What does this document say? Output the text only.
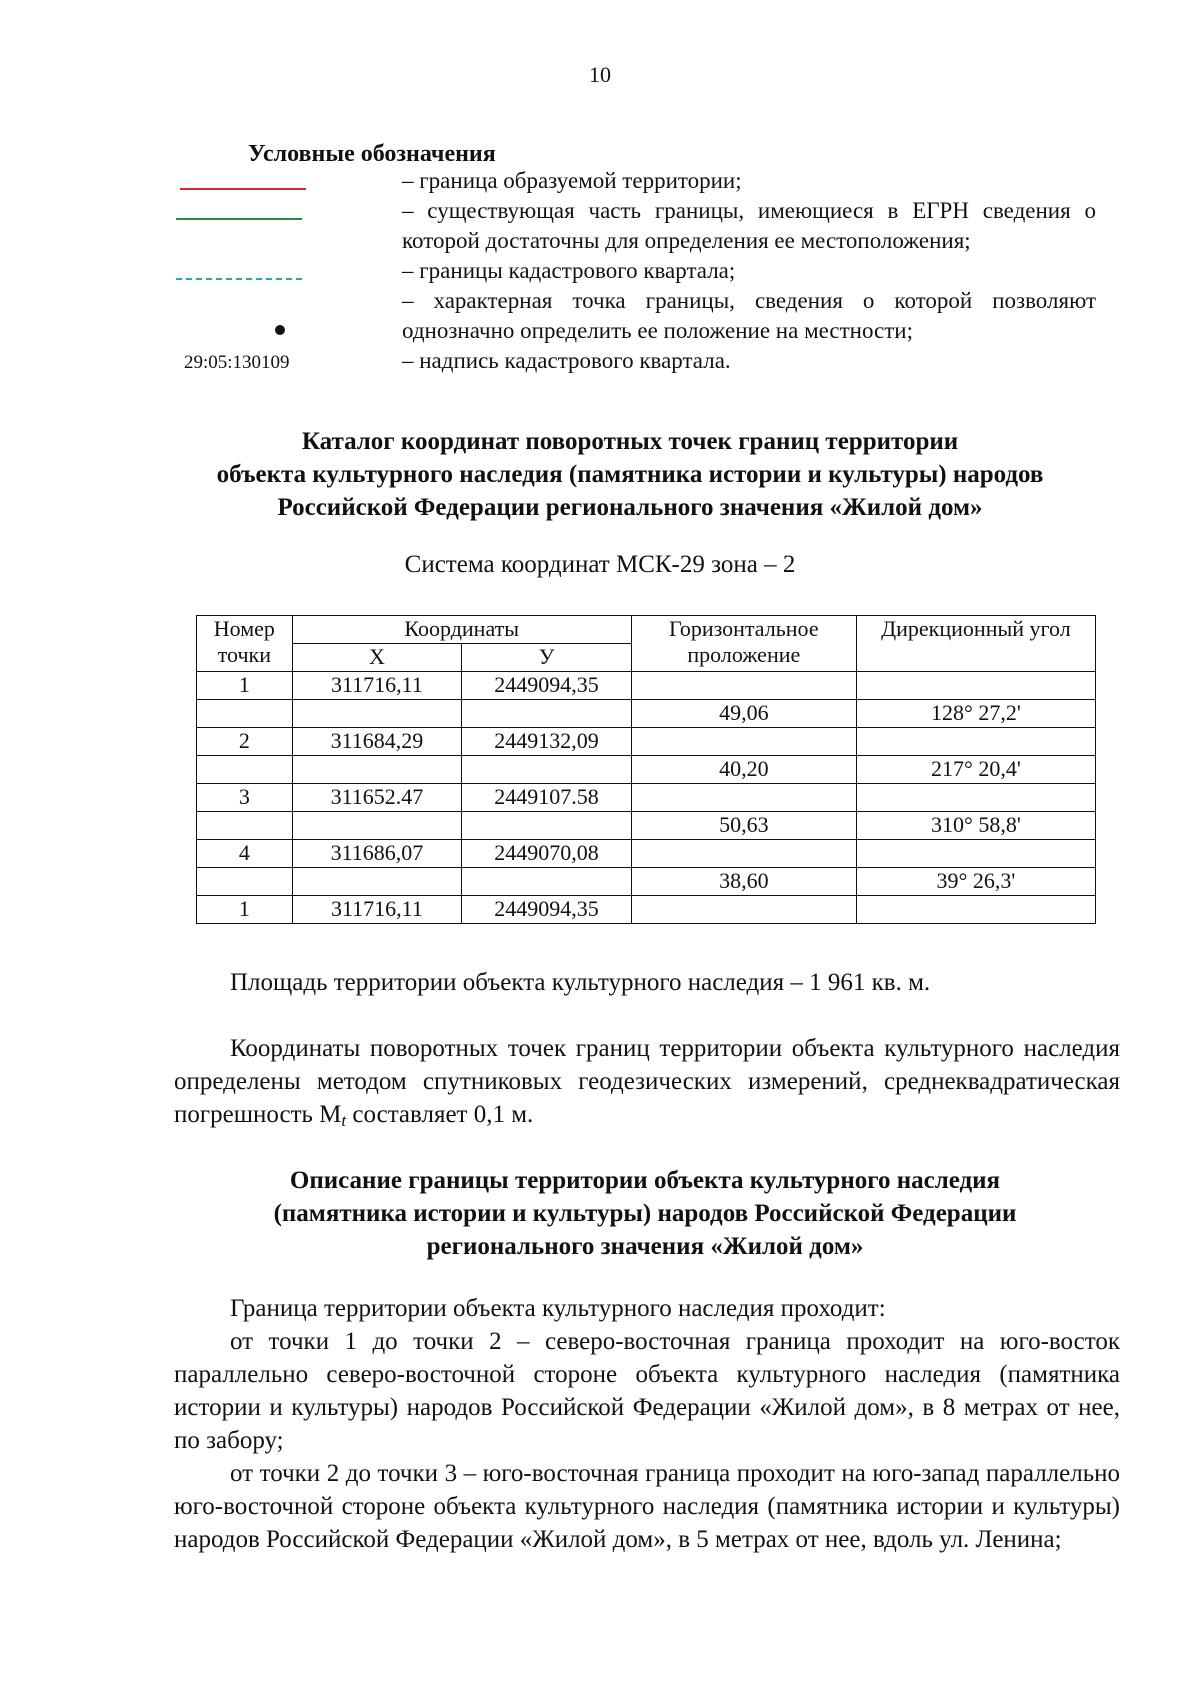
10
Условные обозначения
– граница образуемой территории;
– существующая часть границы, имеющиеся в ЕГРН сведения о которой достаточны для определения ее местоположения;
– границы кадастрового квартала;
– характерная точка границы, сведения о которой позволяют однозначно определить ее положение на местности;
29:05:130109	– надпись кадастрового квартала.
Каталог координат поворотных точек границ территории
объекта культурного наследия (памятника истории и культуры) народов
Российской Федерации регионального значения «Жилой дом»
Система координат МСК-29 зона – 2
Номер точки	Координаты		Горизонтальное проложение	Дирекционный угол
	X	У		
1	311716,11	2449094,35		
			49,06	128° 27,2'
2	311684,29	2449132,09		
			40,20	217° 20,4'
3	311652.47	2449107.58		
			50,63	310° 58,8'
4	311686,07	2449070,08		
			38,60	39° 26,3'
1	311716,11	2449094,35		
Площадь территории объекта культурного наследия – 1 961 кв. м.
Координаты поворотных точек границ территории объекта культурного наследия определены методом спутниковых геодезических измерений, среднеквадратическая погрешность Mt составляет 0,1 м.
Описание границы территории объекта культурного наследия
(памятника истории и культуры) народов Российской Федерации
регионального значения «Жилой дом»
Граница территории объекта культурного наследия проходит:
от точки 1 до точки 2 – северо-восточная граница проходит на юго-восток параллельно северо-восточной стороне объекта культурного наследия (памятника истории и культуры) народов Российской Федерации «Жилой дом», в 8 метрах от нее, по забору;
от точки 2 до точки 3 – юго-восточная граница проходит на юго-запад параллельно юго-восточной стороне объекта культурного наследия (памятника истории и культуры) народов Российской Федерации «Жилой дом», в 5 метрах от нее, вдоль ул. Ленина;
